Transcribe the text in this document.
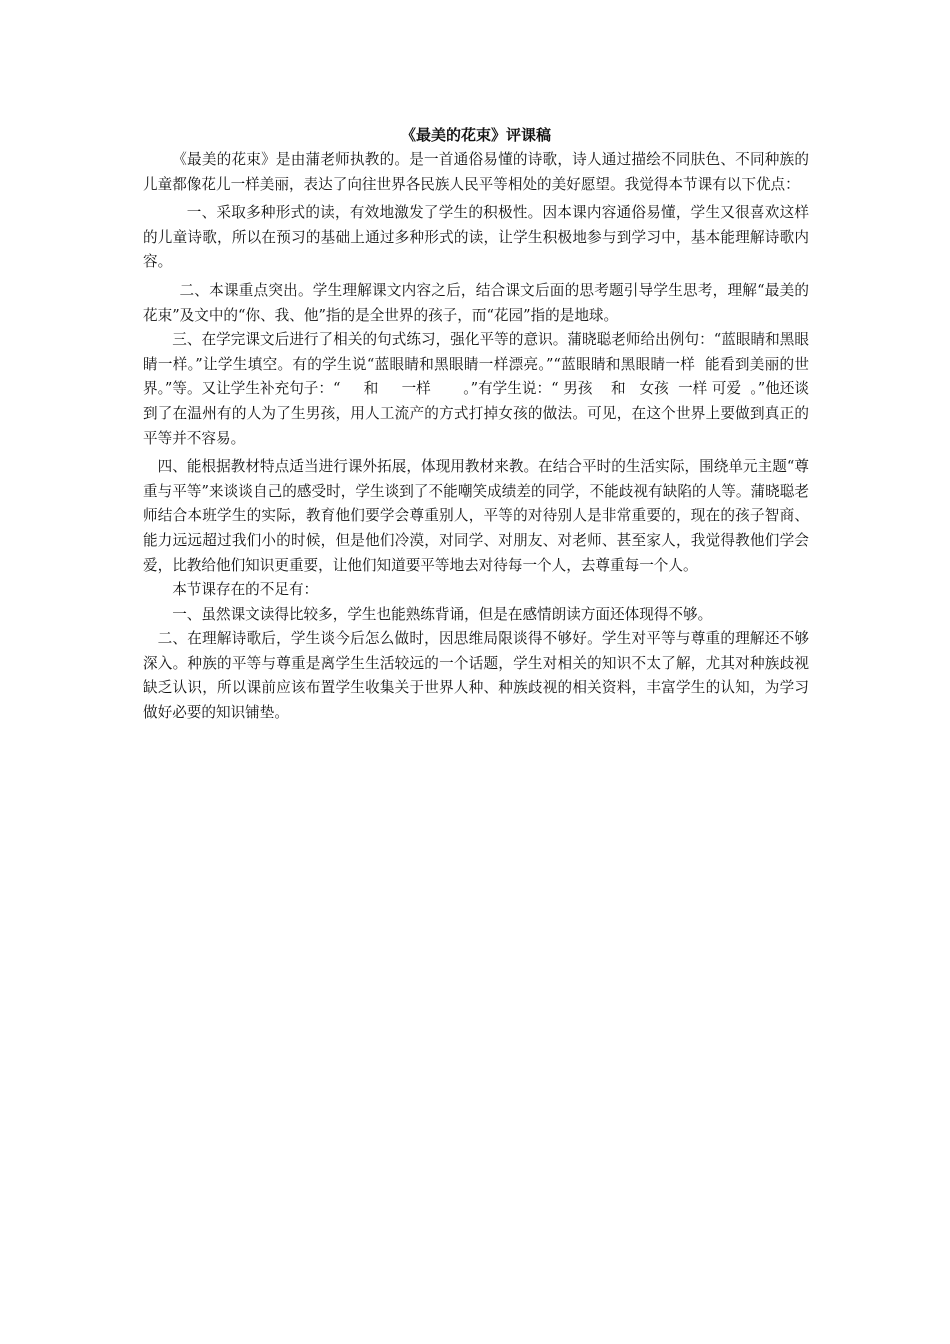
《最美的花束》评课稿

《最美的花束》是由蒲老师执教的。是一首通俗易懂的诗歌，诗人通过描绘不同肤色、不同种族的儿童都像花儿一样美丽，表达了向往世界各民族人民平等相处的美好愿望。我觉得本节课有以下优点：

一、采取多种形式的读，有效地激发了学生的积极性。因本课内容通俗易懂，学生又很喜欢这样的儿童诗歌，所以在预习的基础上通过多种形式的读，让学生积极地参与到学习中，基本能理解诗歌内容。

二、本课重点突出。学生理解课文内容之后，结合课文后面的思考题引导学生思考，理解“最美的花束”及文中的“你、我、他”指的是全世界的孩子，而“花园”指的是地球。

三、在学完课文后进行了相关的句式练习，强化平等的意识。蒲晓聪老师给出例句：“蓝眼睛和黑眼睛一样。”让学生填空。有的学生说“蓝眼睛和黑眼睛一样漂亮。”“蓝眼睛和黑眼睛一样  能看到美丽的世界。”等。又让学生补充句子：“     和     一样       。”有学生说：“ 男孩    和   女孩  一样 可爱  。”他还谈到了在温州有的人为了生男孩，用人工流产的方式打掉女孩的做法。可见，在这个世界上要做到真正的平等并不容易。

四、能根据教材特点适当进行课外拓展，体现用教材来教。在结合平时的生活实际，围绕单元主题“尊重与平等”来谈谈自己的感受时，学生谈到了不能嘲笑成绩差的同学，不能歧视有缺陷的人等。蒲晓聪老师结合本班学生的实际，教育他们要学会尊重别人，平等的对待别人是非常重要的，现在的孩子智商、能力远远超过我们小的时候，但是他们冷漠，对同学、对朋友、对老师、甚至家人，我觉得教他们学会爱，比教给他们知识更重要，让他们知道要平等地去对待每一个人，去尊重每一个人。

本节课存在的不足有：

一、虽然课文读得比较多，学生也能熟练背诵，但是在感情朗读方面还体现得不够。

二、在理解诗歌后，学生谈今后怎么做时，因思维局限谈得不够好。学生对平等与尊重的理解还不够深入。种族的平等与尊重是离学生生活较远的一个话题，学生对相关的知识不太了解，尤其对种族歧视缺乏认识，所以课前应该布置学生收集关于世界人种、种族歧视的相关资料，丰富学生的认知，为学习做好必要的知识铺垫。
